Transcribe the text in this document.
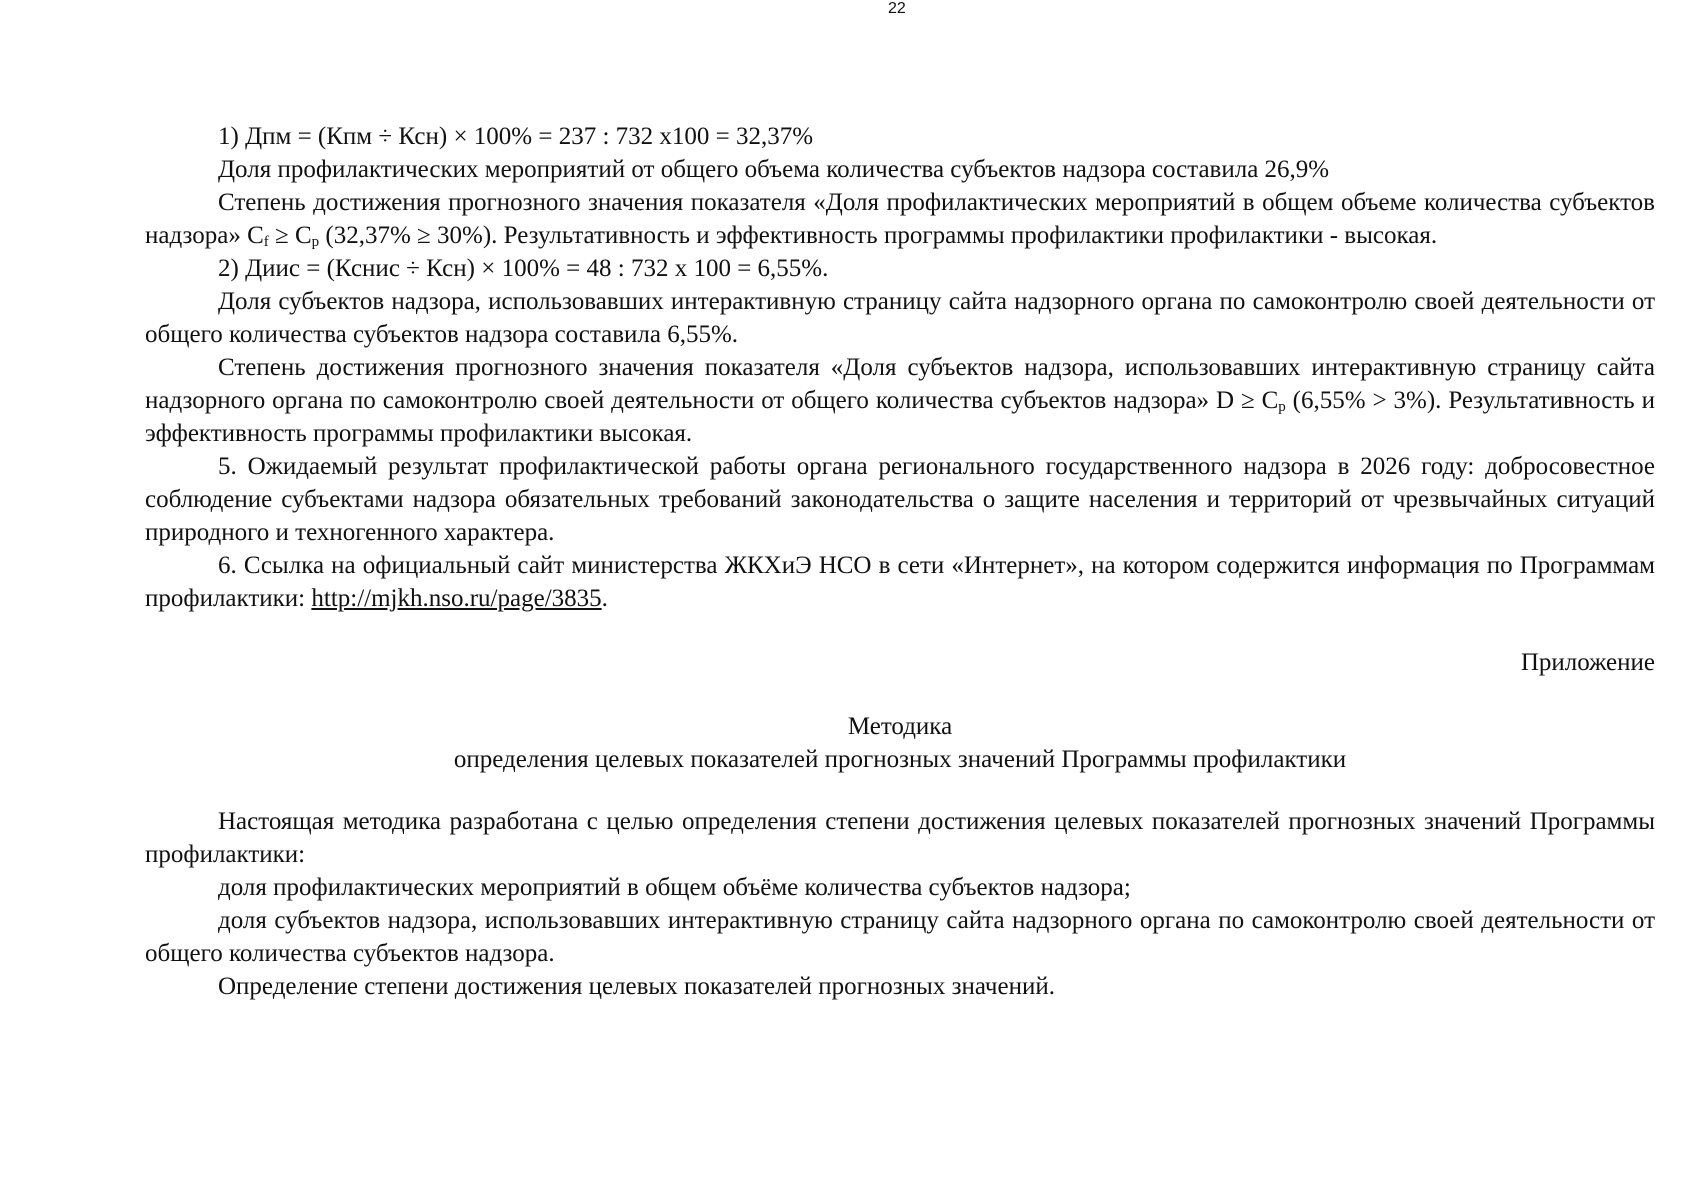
22

1) Дпм = (Кпм ÷ Ксн) × 100% = 237 : 732 х100 = 32,37%

Доля профилактических мероприятий от общего объема количества субъектов надзора составила 26,9%

Степень достижения прогнозного значения показателя «Доля профилактических мероприятий в общем объеме количества субъектов надзора» $C_f \ge C_p$ (32,37% ≥ 30%). Результативность и эффективность программы профилактики профилактики - высокая.

2) Диис = (Кснис ÷ Ксн) × 100% = 48 : 732 х 100 = 6,55%.

Доля субъектов надзора, использовавших интерактивную страницу сайта надзорного органа по самоконтролю своей деятельности от общего количества субъектов надзора составила 6,55%.

Степень достижения прогнозного значения показателя «Доля субъектов надзора, использовавших интерактивную страницу сайта надзорного органа по самоконтролю своей деятельности от общего количества субъектов надзора» $D \ge C_p$ (6,55% > 3%). Результативность и эффективность программы профилактики высокая.

5. Ожидаемый результат профилактической работы органа регионального государственного надзора в 2026 году: добросовестное соблюдение субъектами надзора обязательных требований законодательства о защите населения и территорий от чрезвычайных ситуаций природного и техногенного характера.

6. Ссылка на официальный сайт министерства ЖКХиЭ НСО в сети «Интернет», на котором содержится информация по Программам профилактики: http://mjkh.nso.ru/page/3835.

Приложение

Методика

определения целевых показателей прогнозных значений Программы профилактики

Настоящая методика разработана с целью определения степени достижения целевых показателей прогнозных значений Программы профилактики:

доля профилактических мероприятий в общем объёме количества субъектов надзора;

доля субъектов надзора, использовавших интерактивную страницу сайта надзорного органа по самоконтролю своей деятельности от общего количества субъектов надзора.

Определение степени достижения целевых показателей прогнозных значений.
